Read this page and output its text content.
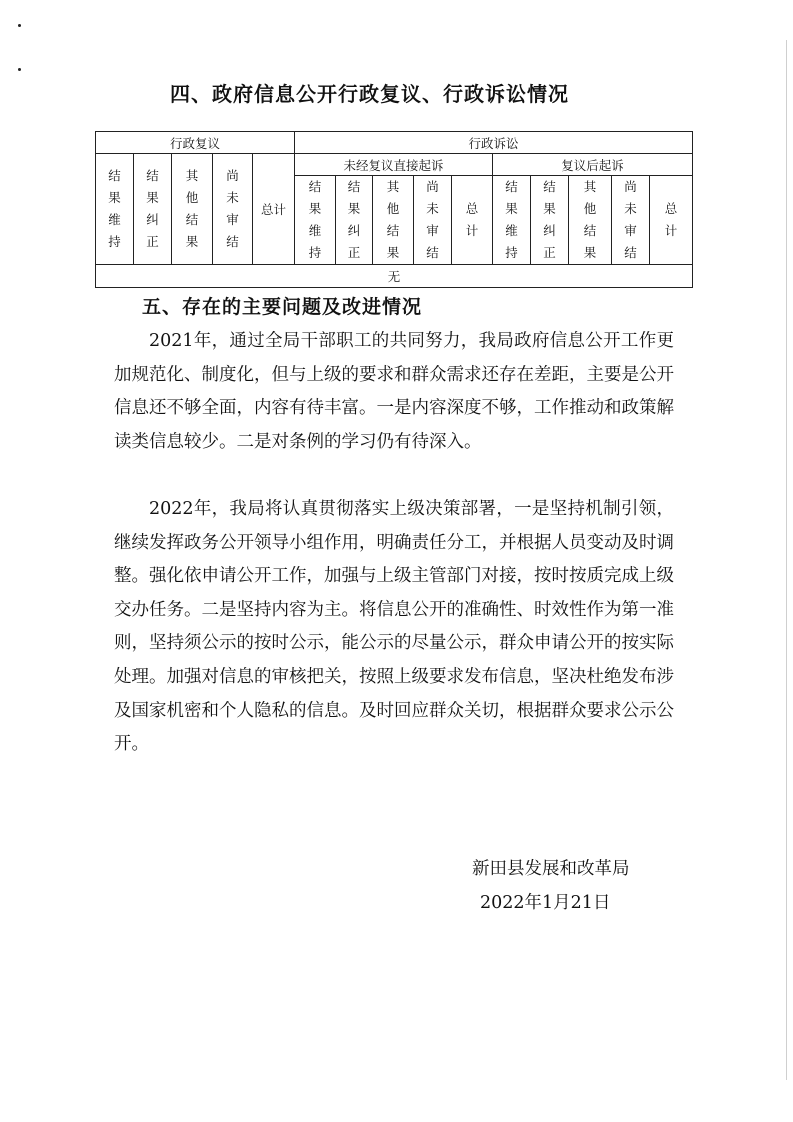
四、政府信息公开行政复议、行政诉讼情况
行政复议					行政诉讼									
结果维持	结果纠正	其他结果	尚未审结	总计	未经复议直接起诉					复议后起诉				
					结果维持	结果纠正	其他结果	尚未审结	总计	结果维持	结果纠正	其他结果	尚未审结	总计
无														
五、存在的主要问题及改进情况

2021年，通过全局干部职工的共同努力，我局政府信息公开工作更加规范化、制度化，但与上级的要求和群众需求还存在差距，主要是公开信息还不够全面，内容有待丰富。一是内容深度不够，工作推动和政策解读类信息较少。二是对条例的学习仍有待深入。

2022年，我局将认真贯彻落实上级决策部署，一是坚持机制引领，继续发挥政务公开领导小组作用，明确责任分工，并根据人员变动及时调整。强化依申请公开工作，加强与上级主管部门对接，按时按质完成上级交办任务。二是坚持内容为主。将信息公开的准确性、时效性作为第一准则，坚持须公示的按时公示，能公示的尽量公示，群众申请公开的按实际处理。加强对信息的审核把关，按照上级要求发布信息，坚决杜绝发布涉及国家机密和个人隐私的信息。及时回应群众关切，根据群众要求公示公开。

新田县发展和改革局

2022年1月21日
